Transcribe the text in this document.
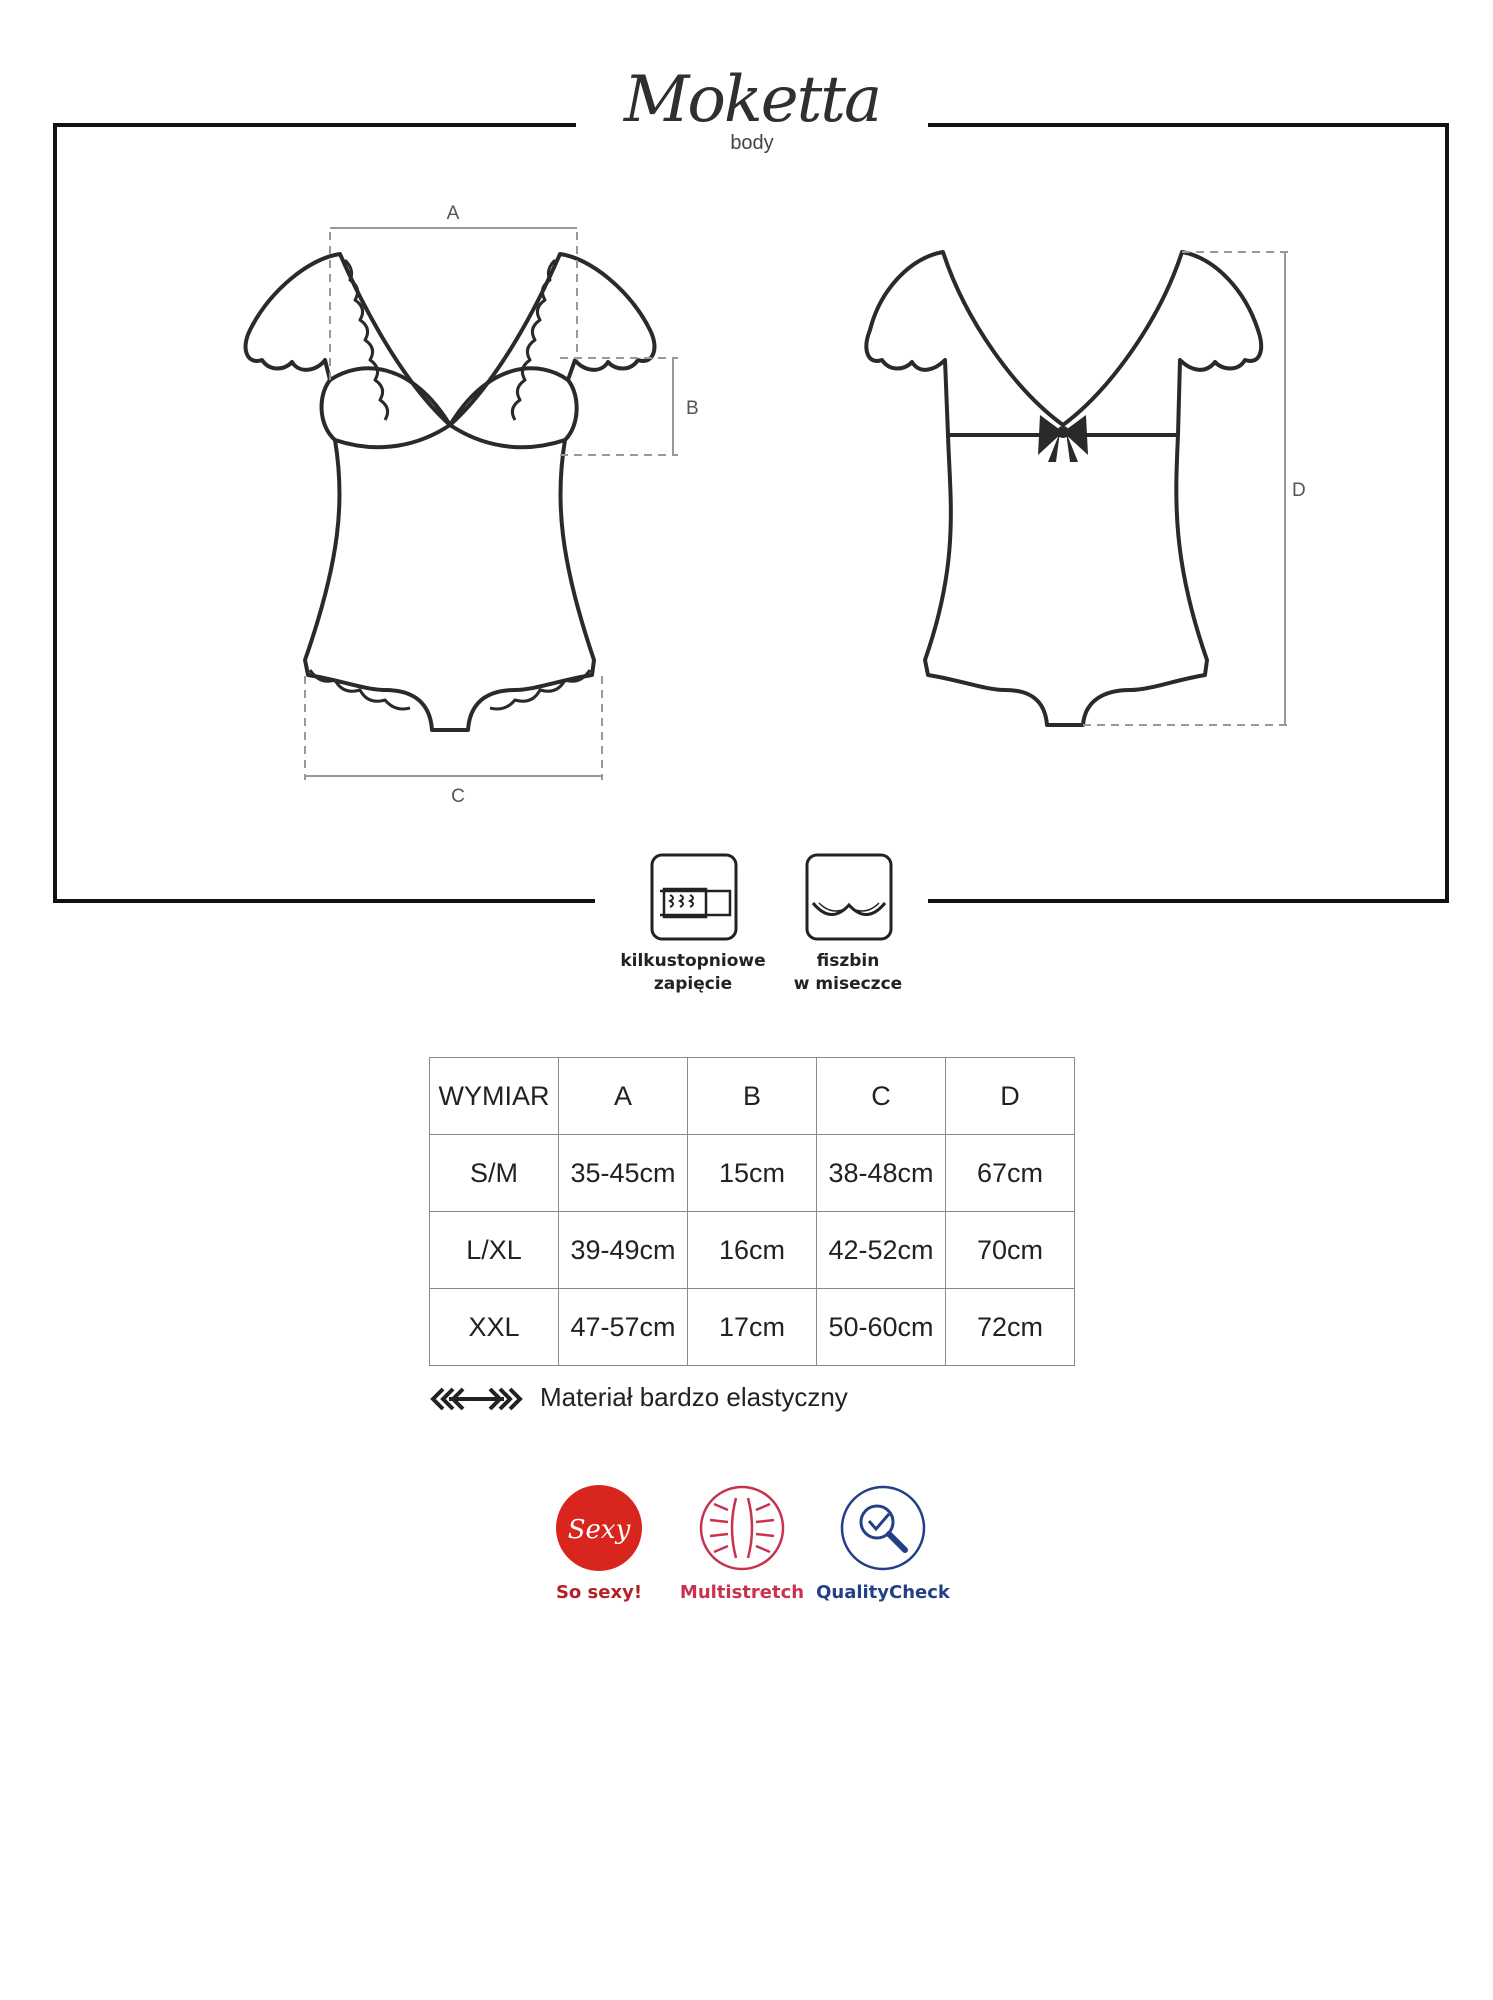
Moketta
body
A
B
C
D
kilkustopniowe
zapięcie
fiszbin
w miseczce
WYMIAR	A	B	C	D
S/M	35-45cm	15cm	38-48cm	67cm
L/XL	39-49cm	16cm	42-52cm	70cm
XXL	47-57cm	17cm	50-60cm	72cm
Materiał bardzo elastyczny
Sexy
So sexy!	Multistretch QualityCheck
